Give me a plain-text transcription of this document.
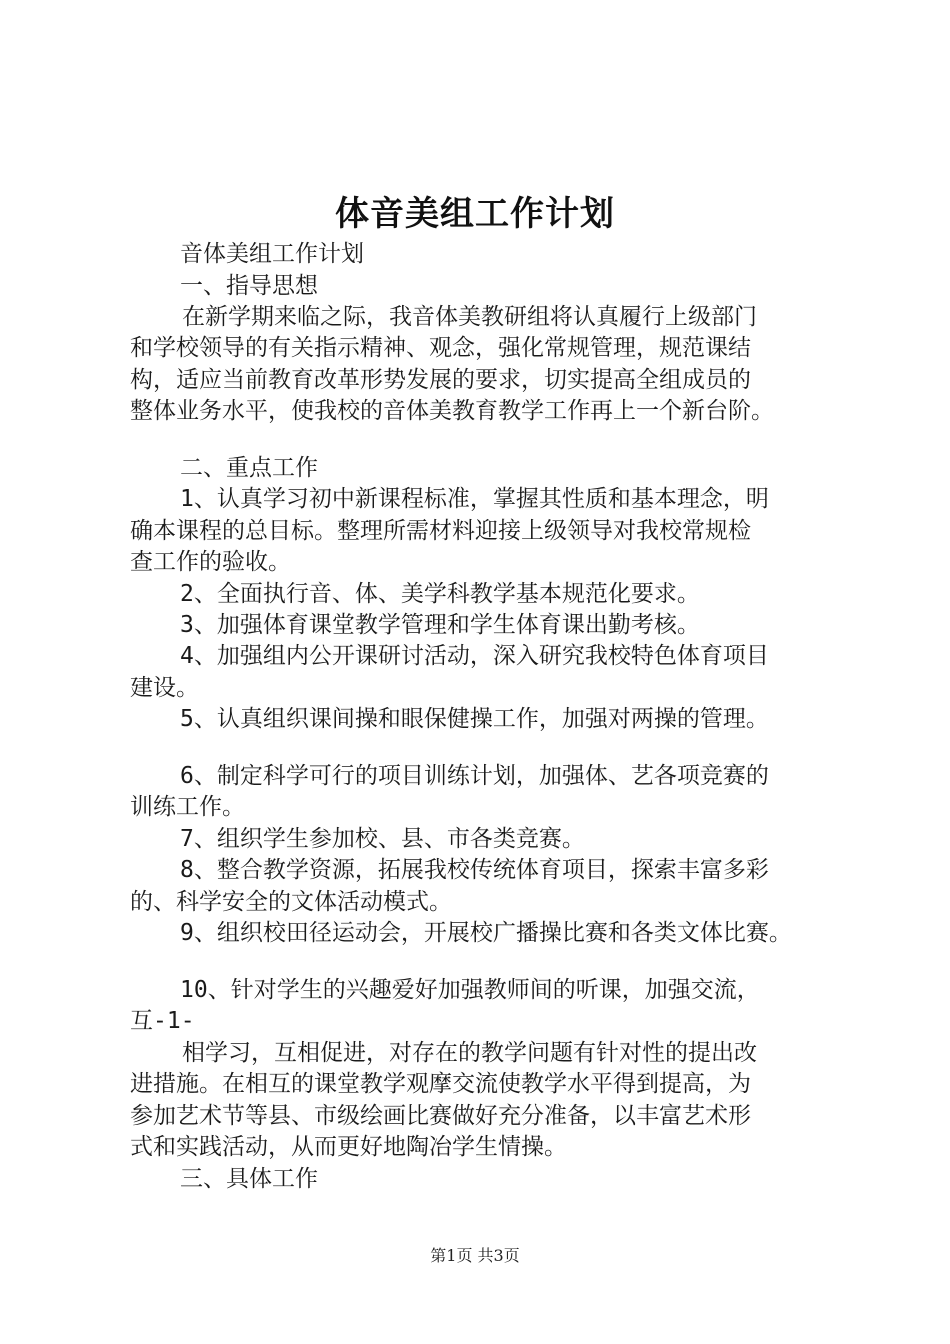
体音美组工作计划
音体美组工作计划
一、指导思想
在新学期来临之际，我音体美教研组将认真履行上级部门
和学校领导的有关指示精神、观念，强化常规管理，规范课结
构，适应当前教育改革形势发展的要求，切实提高全组成员的
整体业务水平，使我校的音体美教育教学工作再上一个新台阶。
二、重点工作
1、认真学习初中新课程标准，掌握其性质和基本理念，明
确本课程的总目标。整理所需材料迎接上级领导对我校常规检
查工作的验收。
2、全面执行音、体、美学科教学基本规范化要求。
3、加强体育课堂教学管理和学生体育课出勤考核。
4、加强组内公开课研讨活动，深入研究我校特色体育项目
建设。
5、认真组织课间操和眼保健操工作，加强对两操的管理。
6、制定科学可行的项目训练计划，加强体、艺各项竞赛的
训练工作。
7、组织学生参加校、县、市各类竞赛。
8、整合教学资源，拓展我校传统体育项目，探索丰富多彩
的、科学安全的文体活动模式。
9、组织校田径运动会，开展校广播操比赛和各类文体比赛。
10、针对学生的兴趣爱好加强教师间的听课，加强交流，
互-1-
相学习，互相促进，对存在的教学问题有针对性的提出改
进措施。在相互的课堂教学观摩交流使教学水平得到提高，为
参加艺术节等县、市级绘画比赛做好充分准备，以丰富艺术形
式和实践活动，从而更好地陶冶学生情操。
三、具体工作
第1页 共3页
